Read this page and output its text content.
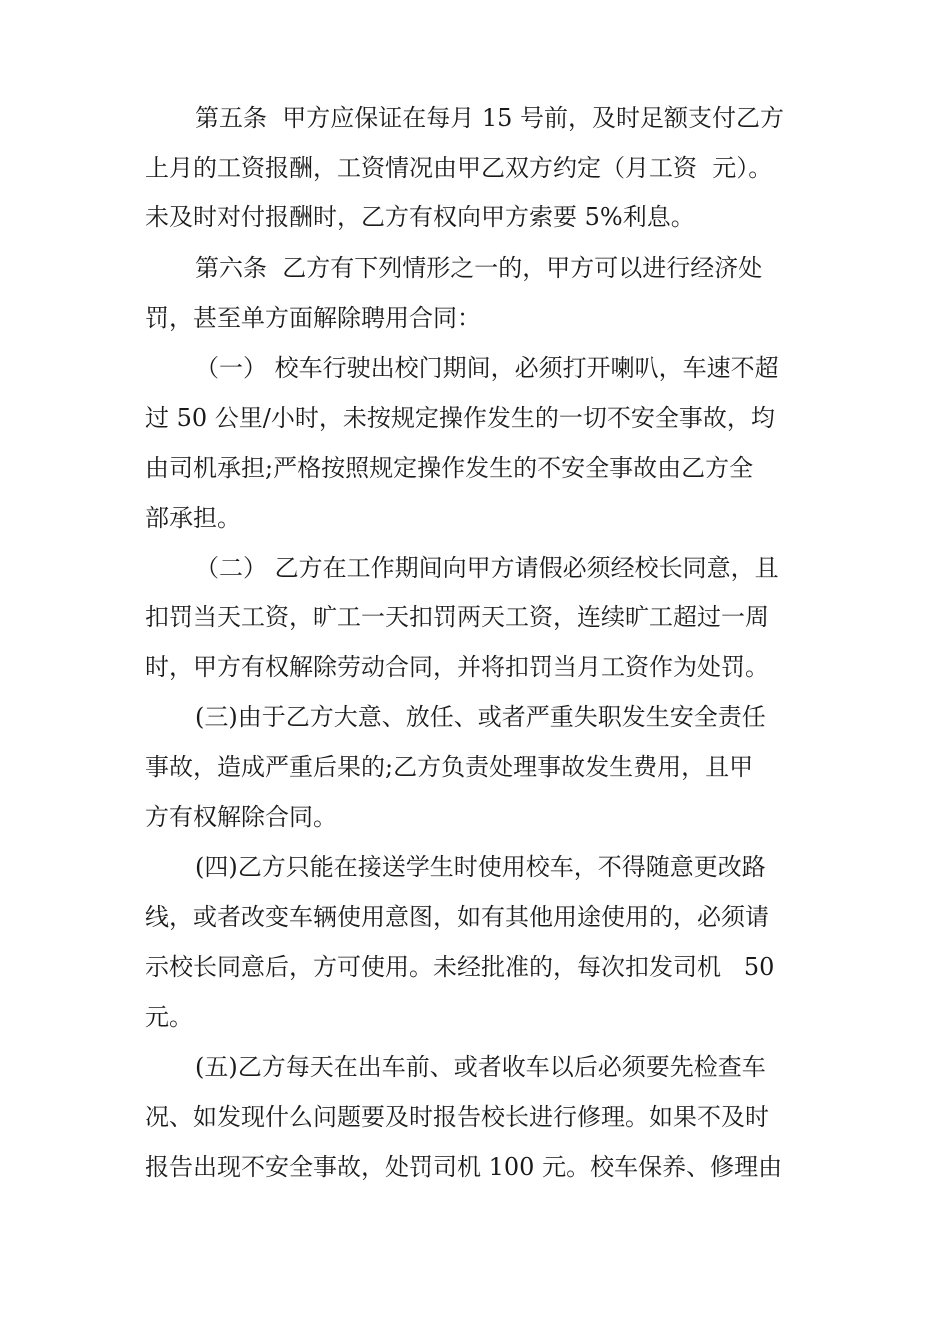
第五条  甲方应保证在每月 15 号前，及时足额支付乙方
上月的工资报酬，工资情况由甲乙双方约定（月工资  元）。
未及时对付报酬时，乙方有权向甲方索要 5%利息。
第六条  乙方有下列情形之一的，甲方可以进行经济处
罚，甚至单方面解除聘用合同：
（一） 校车行驶出校门期间，必须打开喇叭，车速不超
过 50 公里/小时，未按规定操作发生的一切不安全事故，均
由司机承担;严格按照规定操作发生的不安全事故由乙方全
部承担。
（二） 乙方在工作期间向甲方请假必须经校长同意，且
扣罚当天工资，旷工一天扣罚两天工资，连续旷工超过一周
时，甲方有权解除劳动合同，并将扣罚当月工资作为处罚。
(三)由于乙方大意、放任、或者严重失职发生安全责任
事故，造成严重后果的;乙方负责处理事故发生费用，且甲
方有权解除合同。
(四)乙方只能在接送学生时使用校车，不得随意更改路
线，或者改变车辆使用意图，如有其他用途使用的，必须请
示校长同意后，方可使用。未经批准的，每次扣发司机   50
元。
(五)乙方每天在出车前、或者收车以后必须要先检查车
况、如发现什么问题要及时报告校长进行修理。如果不及时
报告出现不安全事故，处罚司机 100 元。校车保养、修理由
